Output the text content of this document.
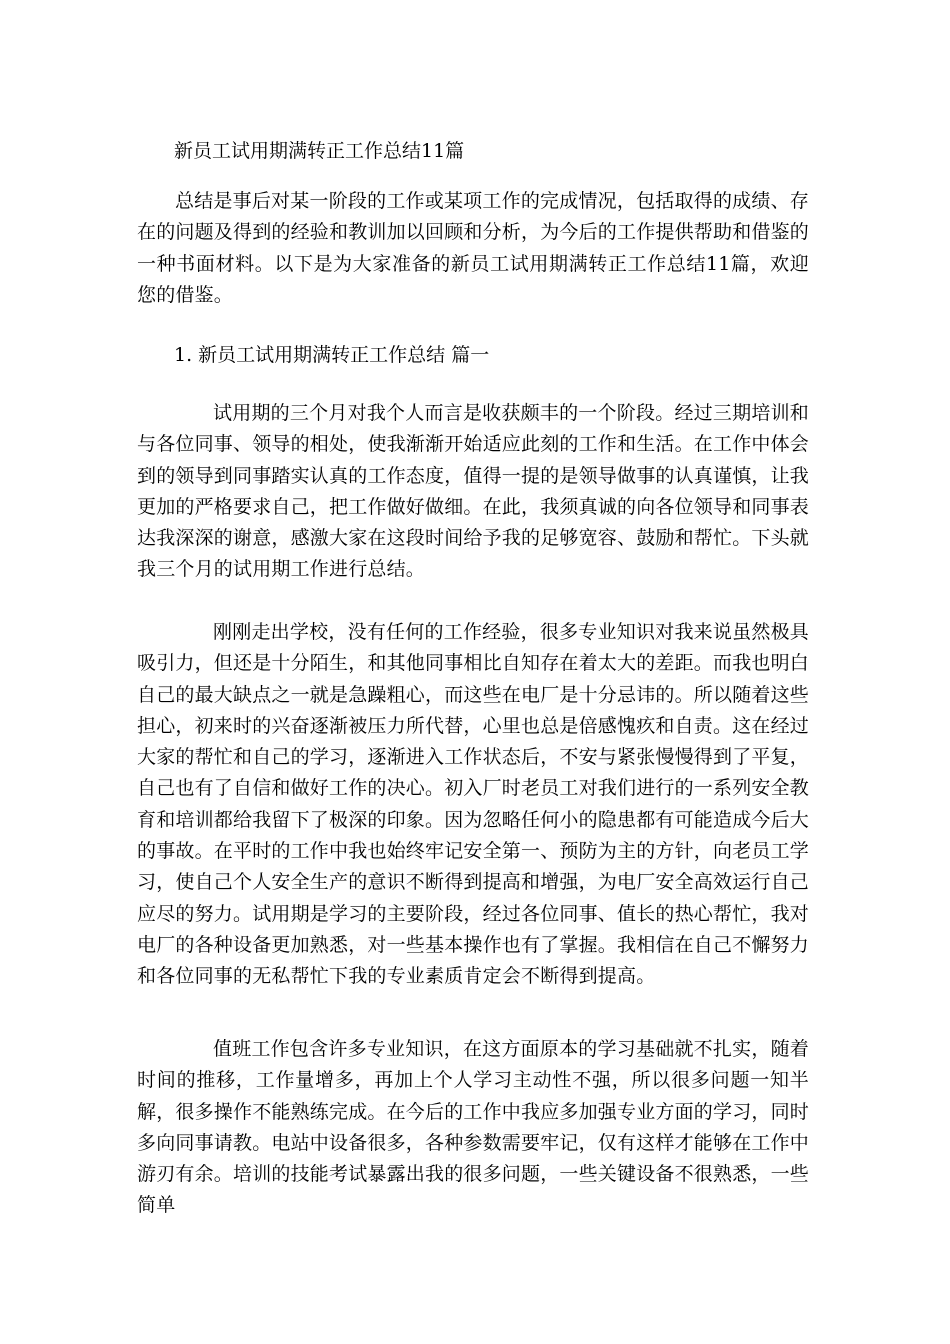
新员工试用期满转正工作总结11篇

总结是事后对某一阶段的工作或某项工作的完成情况，包括取得的成绩、存在的问题及得到的经验和教训加以回顾和分析，为今后的工作提供帮助和借鉴的一种书面材料。以下是为大家准备的新员工试用期满转正工作总结11篇，欢迎您的借鉴。

1. 新员工试用期满转正工作总结 篇一

试用期的三个月对我个人而言是收获颇丰的一个阶段。经过三期培训和与各位同事、领导的相处，使我渐渐开始适应此刻的工作和生活。在工作中体会到的领导到同事踏实认真的工作态度，值得一提的是领导做事的认真谨慎，让我更加的严格要求自己，把工作做好做细。在此，我须真诚的向各位领导和同事表达我深深的谢意，感激大家在这段时间给予我的足够宽容、鼓励和帮忙。下头就我三个月的试用期工作进行总结。

刚刚走出学校，没有任何的工作经验，很多专业知识对我来说虽然极具吸引力，但还是十分陌生，和其他同事相比自知存在着太大的差距。而我也明白自己的最大缺点之一就是急躁粗心，而这些在电厂是十分忌讳的。所以随着这些担心，初来时的兴奋逐渐被压力所代替，心里也总是倍感愧疚和自责。这在经过大家的帮忙和自己的学习，逐渐进入工作状态后，不安与紧张慢慢得到了平复，自己也有了自信和做好工作的决心。初入厂时老员工对我们进行的一系列安全教育和培训都给我留下了极深的印象。因为忽略任何小的隐患都有可能造成今后大的事故。在平时的工作中我也始终牢记安全第一、预防为主的方针，向老员工学习，使自己个人安全生产的意识不断得到提高和增强，为电厂安全高效运行自己应尽的努力。试用期是学习的主要阶段，经过各位同事、值长的热心帮忙，我对电厂的各种设备更加熟悉，对一些基本操作也有了掌握。我相信在自己不懈努力和各位同事的无私帮忙下我的专业素质肯定会不断得到提高。

值班工作包含许多专业知识，在这方面原本的学习基础就不扎实，随着时间的推移，工作量增多，再加上个人学习主动性不强，所以很多问题一知半解，很多操作不能熟练完成。在今后的工作中我应多加强专业方面的学习，同时多向同事请教。电站中设备很多，各种参数需要牢记，仅有这样才能够在工作中游刃有余。培训的技能考试暴露出我的很多问题，一些关键设备不很熟悉，一些简单
